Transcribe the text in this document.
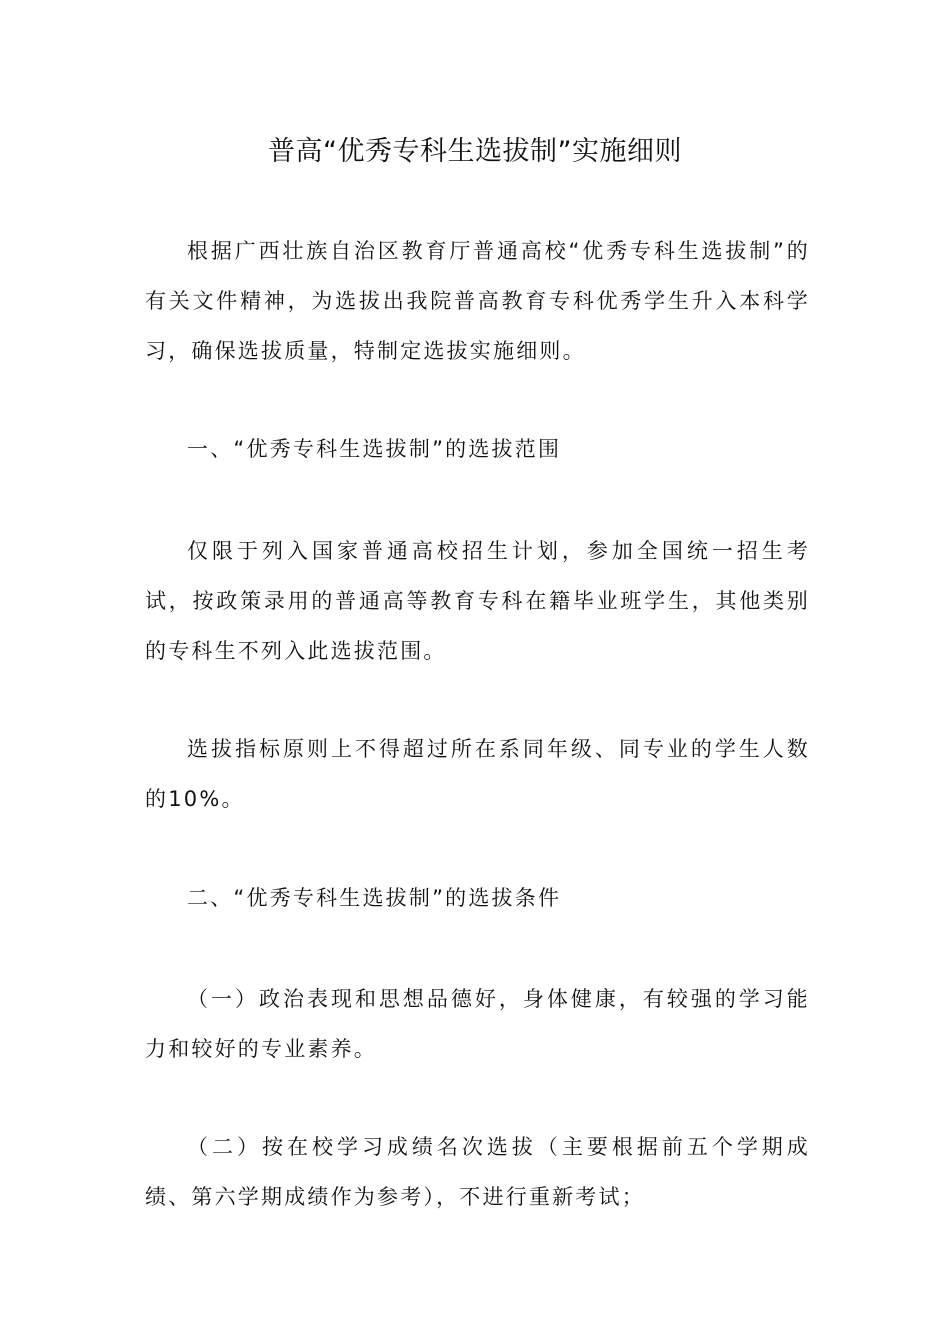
普高“优秀专科生选拔制”实施细则

根据广西壮族自治区教育厅普通高校“优秀专科生选拔制”的有关文件精神，为选拔出我院普高教育专科优秀学生升入本科学习，确保选拔质量，特制定选拔实施细则。

一、“优秀专科生选拔制”的选拔范围

仅限于列入国家普通高校招生计划，参加全国统一招生考试，按政策录用的普通高等教育专科在籍毕业班学生，其他类别的专科生不列入此选拔范围。

选拔指标原则上不得超过所在系同年级、同专业的学生人数的10%。

二、“优秀专科生选拔制”的选拔条件

（一）政治表现和思想品德好，身体健康，有较强的学习能力和较好的专业素养。

（二）按在校学习成绩名次选拔（主要根据前五个学期成绩、第六学期成绩作为参考），不进行重新考试；
